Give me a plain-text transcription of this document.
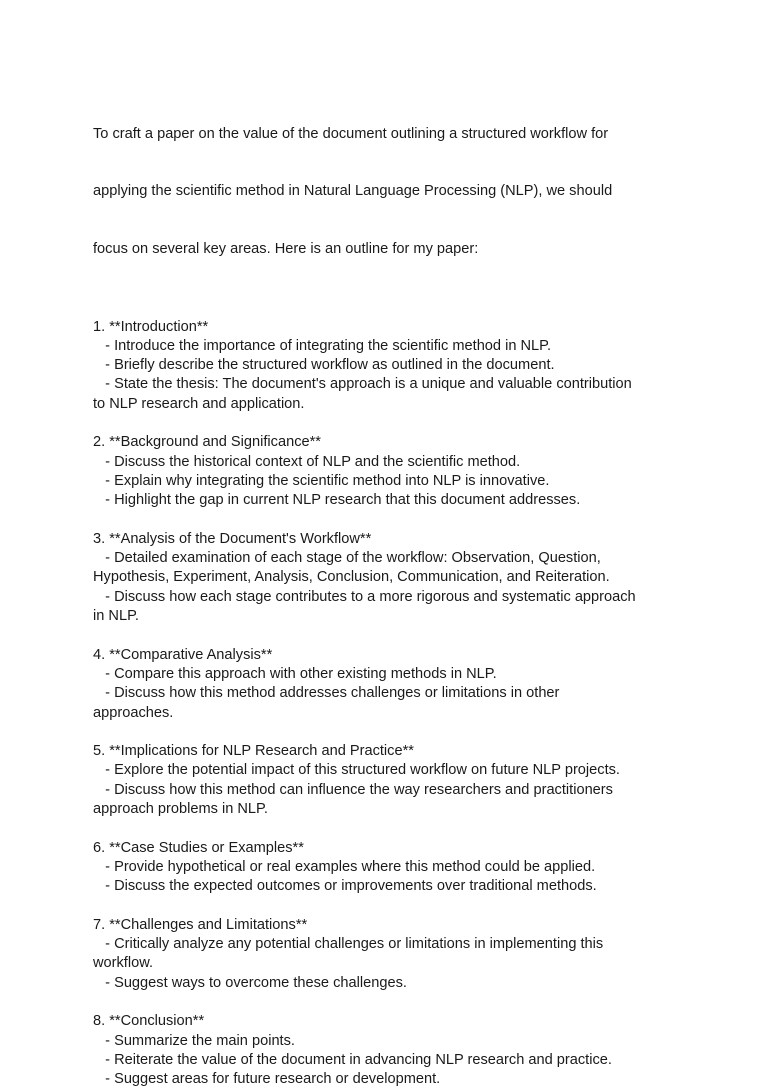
To craft a paper on the value of the document outlining a structured workflow for

applying the scientific method in Natural Language Processing (NLP), we should

focus on several key areas. Here is an outline for my paper:

1. **Introduction**
- Introduce the importance of integrating the scientific method in NLP.
- Briefly describe the structured workflow as outlined in the document.
- State the thesis: The document's approach is a unique and valuable contribution
to NLP research and application.
2. **Background and Significance**
- Discuss the historical context of NLP and the scientific method.
- Explain why integrating the scientific method into NLP is innovative.
- Highlight the gap in current NLP research that this document addresses.
3. **Analysis of the Document's Workflow**
- Detailed examination of each stage of the workflow: Observation, Question,
Hypothesis, Experiment, Analysis, Conclusion, Communication, and Reiteration.
- Discuss how each stage contributes to a more rigorous and systematic approach
in NLP.
4. **Comparative Analysis**
- Compare this approach with other existing methods in NLP.
- Discuss how this method addresses challenges or limitations in other
approaches.
5. **Implications for NLP Research and Practice**
- Explore the potential impact of this structured workflow on future NLP projects.
- Discuss how this method can influence the way researchers and practitioners
approach problems in NLP.
6. **Case Studies or Examples**
- Provide hypothetical or real examples where this method could be applied.
- Discuss the expected outcomes or improvements over traditional methods.
7. **Challenges and Limitations**
- Critically analyze any potential challenges or limitations in implementing this
workflow.
- Suggest ways to overcome these challenges.
8. **Conclusion**
- Summarize the main points.
- Reiterate the value of the document in advancing NLP research and practice.
- Suggest areas for future research or development.
